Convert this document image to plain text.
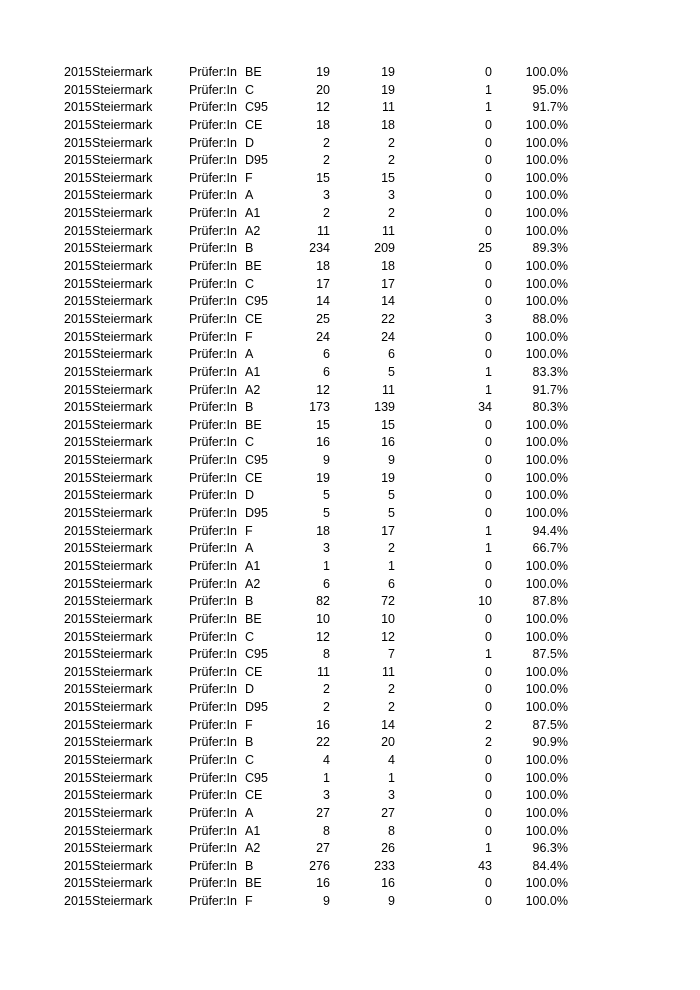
2015 Steiermark	Prüfer:In BE	19	19	0	100.0%
2015 Steiermark	Prüfer:In C	20	19	1	95.0%
2015 Steiermark	Prüfer:In C95	12	11	1	91.7%
2015 Steiermark	Prüfer:In CE	18	18	0	100.0%
2015 Steiermark	Prüfer:In D	2	2	0	100.0%
2015 Steiermark	Prüfer:In D95	2	2	0	100.0%
2015 Steiermark	Prüfer:In F	15	15	0	100.0%
2015 Steiermark	Prüfer:In A	3	3	0	100.0%
2015 Steiermark	Prüfer:In A1	2	2	0	100.0%
2015 Steiermark	Prüfer:In A2	11	11	0	100.0%
2015 Steiermark	Prüfer:In B	234	209	25	89.3%
2015 Steiermark	Prüfer:In BE	18	18	0	100.0%
2015 Steiermark	Prüfer:In C	17	17	0	100.0%
2015 Steiermark	Prüfer:In C95	14	14	0	100.0%
2015 Steiermark	Prüfer:In CE	25	22	3	88.0%
2015 Steiermark	Prüfer:In F	24	24	0	100.0%
2015 Steiermark	Prüfer:In A	6	6	0	100.0%
2015 Steiermark	Prüfer:In A1	6	5	1	83.3%
2015 Steiermark	Prüfer:In A2	12	11	1	91.7%
2015 Steiermark	Prüfer:In B	173	139	34	80.3%
2015 Steiermark	Prüfer:In BE	15	15	0	100.0%
2015 Steiermark	Prüfer:In C	16	16	0	100.0%
2015 Steiermark	Prüfer:In C95	9	9	0	100.0%
2015 Steiermark	Prüfer:In CE	19	19	0	100.0%
2015 Steiermark	Prüfer:In D	5	5	0	100.0%
2015 Steiermark	Prüfer:In D95	5	5	0	100.0%
2015 Steiermark	Prüfer:In F	18	17	1	94.4%
2015 Steiermark	Prüfer:In A	3	2	1	66.7%
2015 Steiermark	Prüfer:In A1	1	1	0	100.0%
2015 Steiermark	Prüfer:In A2	6	6	0	100.0%
2015 Steiermark	Prüfer:In B	82	72	10	87.8%
2015 Steiermark	Prüfer:In BE	10	10	0	100.0%
2015 Steiermark	Prüfer:In C	12	12	0	100.0%
2015 Steiermark	Prüfer:In C95	8	7	1	87.5%
2015 Steiermark	Prüfer:In CE	11	11	0	100.0%
2015 Steiermark	Prüfer:In D	2	2	0	100.0%
2015 Steiermark	Prüfer:In D95	2	2	0	100.0%
2015 Steiermark	Prüfer:In F	16	14	2	87.5%
2015 Steiermark	Prüfer:In B	22	20	2	90.9%
2015 Steiermark	Prüfer:In C	4	4	0	100.0%
2015 Steiermark	Prüfer:In C95	1	1	0	100.0%
2015 Steiermark	Prüfer:In CE	3	3	0	100.0%
2015 Steiermark	Prüfer:In A	27	27	0	100.0%
2015 Steiermark	Prüfer:In A1	8	8	0	100.0%
2015 Steiermark	Prüfer:In A2	27	26	1	96.3%
2015 Steiermark	Prüfer:In B	276	233	43	84.4%
2015 Steiermark	Prüfer:In BE	16	16	0	100.0%
2015 Steiermark	Prüfer:In F	9	9	0	100.0%
